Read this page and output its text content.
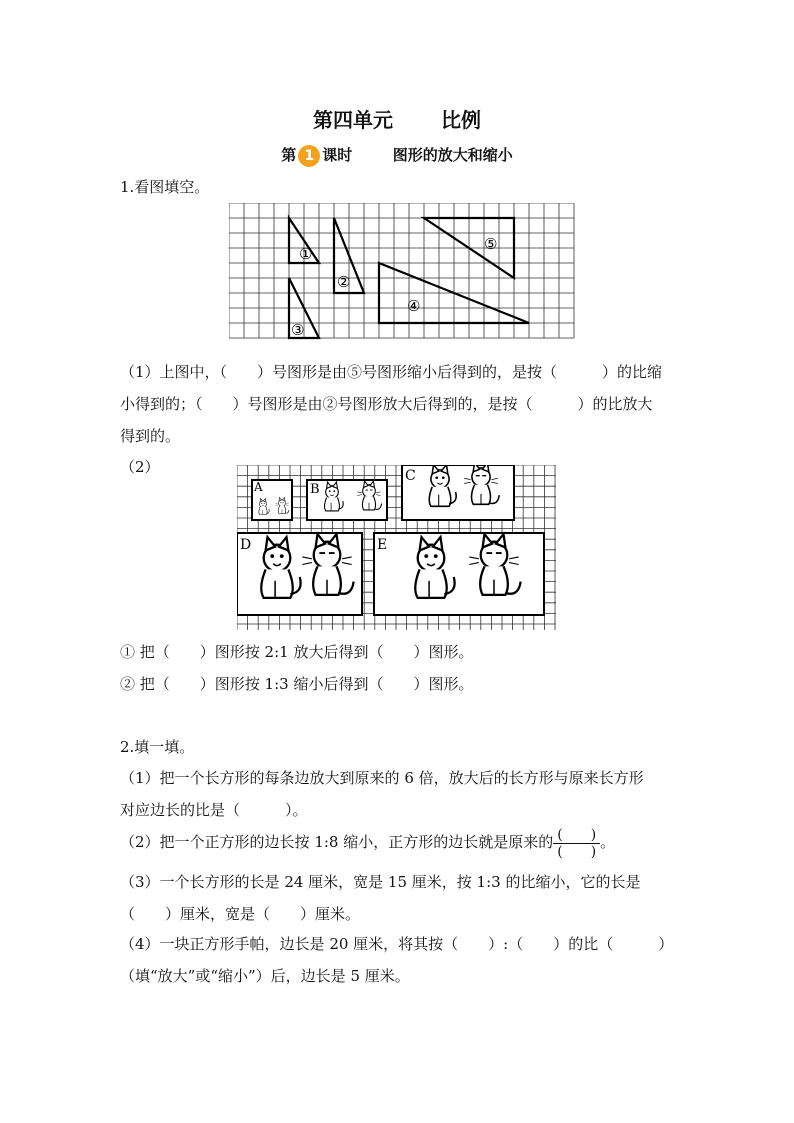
第四单元 比例
第 1 课时	图形的放大和缩小
1.看图填空。
①
②
③
④
⑤
（1）上图中，（　　）号图形是由⑤号图形缩小后得到的，是按（　　　）的比缩
小得到的；（　　）号图形是由②号图形放大后得到的，是按（　　　）的比放大
得到的。
（2）
A	B
C
D	E
① 把（　　）图形按 2:1 放大后得到（　　）图形。
② 把（　　）图形按 1:3 缩小后得到（　　）图形。
2.填一填。
（1）把一个长方形的每条边放大到原来的 6 倍，放大后的长方形与原来长方形
对应边长的比是（　　　）。
（2）把一个正方形的边长按 1:8 缩小，正方形的边长就是原来的 $\frac{( )}{( )}$ 。
（3）一个长方形的长是 24 厘米，宽是 15 厘米，按 1:3 的比缩小，它的长是
（　　）厘米，宽是（　　）厘米。
（4）一块正方形手帕，边长是 20 厘米，将其按（　　）:（　　）的比（　　　）
（填“放大”或“缩小”）后，边长是 5 厘米。
